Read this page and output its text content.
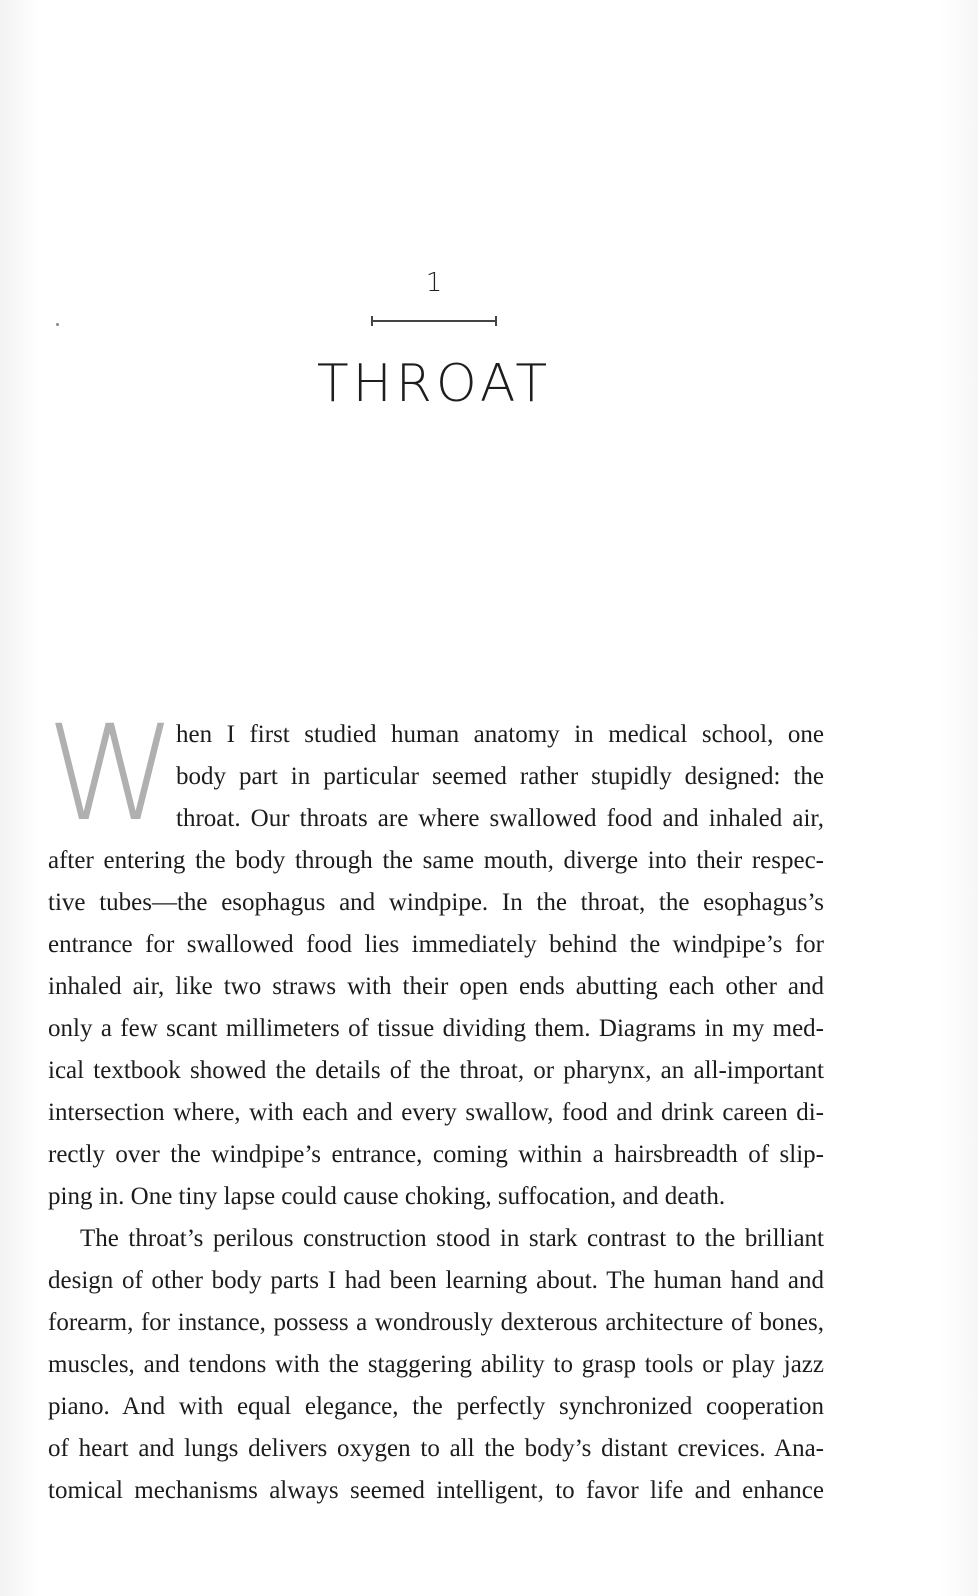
1
THROAT
W hen I first studied human anatomy in medical school, one
body part in particular seemed rather stupidly designed: the
throat. Our throats are where swallowed food and inhaled air,
after entering the body through the same mouth, diverge into their respec-
tive tubes—the esophagus and windpipe. In the throat, the esophagus’s
entrance for swallowed food lies immediately behind the windpipe’s for
inhaled air, like two straws with their open ends abutting each other and
only a few scant millimeters of tissue dividing them. Diagrams in my med-
ical textbook showed the details of the throat, or pharynx, an all-important
intersection where, with each and every swallow, food and drink careen di-
rectly over the windpipe’s entrance, coming within a hairsbreadth of slip-
ping in. One tiny lapse could cause choking, suffocation, and death.
The throat’s perilous construction stood in stark contrast to the brilliant
design of other body parts I had been learning about. The human hand and
forearm, for instance, possess a wondrously dexterous architecture of bones,
muscles, and tendons with the staggering ability to grasp tools or play jazz
piano. And with equal elegance, the perfectly synchronized cooperation
of heart and lungs delivers oxygen to all the body’s distant crevices. Ana-
tomical mechanisms always seemed intelligent, to favor life and enhance
